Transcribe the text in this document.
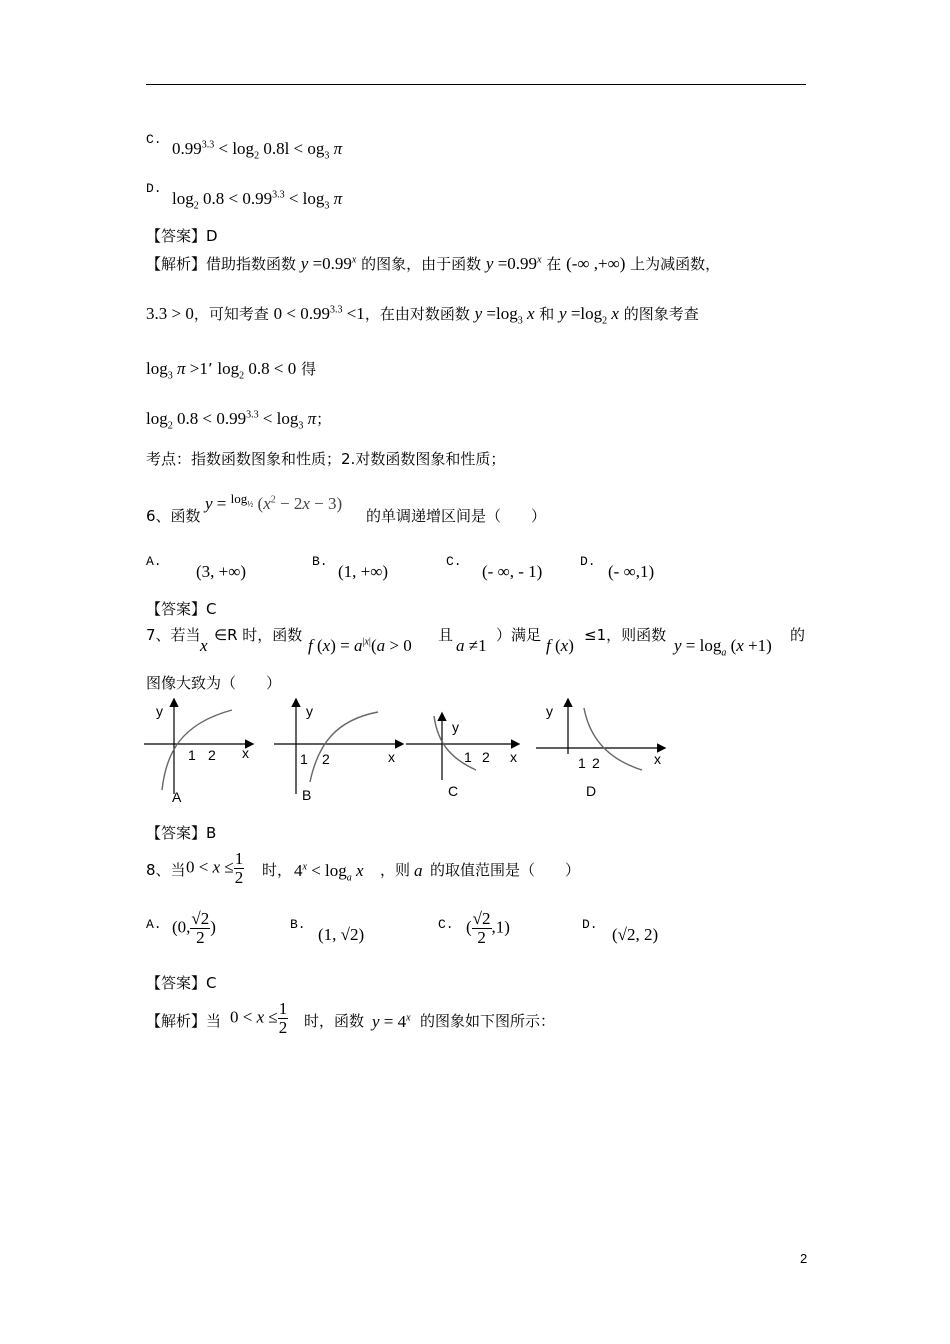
C. $0.99^{3.3} < \log_2 0.8l < og_3$ π
D.
$\log_2 0.8 < 0.99^{3.3} < \log_3 \pi$
【答案】D
【解析】借助指数函数 $y =0.99^x$ 的图象，由于函数 $y =0.99^x$ 在 (-∞ ,+∞) 上为减函数，
3.3 > 0，可知考查 $0 < 0.99^{3.3} <1$，在由对数函数 $y =\log_3$ x 和 $y =\log_2$ x 的图象考查
$\log_3 \pi >1$’ $\log_2 0.8 < 0$ 得
$\log_2 0.8 < 0.99^{3.3} < \log_3 \pi$；
考点：指数函数图象和性质；2.对数函数图象和性质；
6、函数
y = $^{log_{\frac{1}{2}}}$ $(x^2 - 2x - 3)$
的单调递增区间是（　　）
A.
(3, +∞)
B.
(1, +∞)
C.
(- ∞, - 1)
D.
(- ∞,1)
【答案】C
7、若当
x
∈R 时，函数
f $(x) = a^{|x|}(a > 0$
且
a ≠1
）满足
f (x)
≤1，则函数
$y = \log_a (x +1)$
的
图像大致为（　　）
y
x
1 2
A
y
x
1 2
B
y
x
1 2
C
y
x
1 2
D
【答案】B
8、当 $0 < x \le \frac{1}{2}$ 时， $4^x < \log_a x$ ，则 a 的取值范围是（　　）
A. (0, $\frac{√2}{2}$ )	B.
(1, √2)
C. ( $\frac{√2}{2} ,1$)	D.
(√2, 2)
【答案】C
【解析】当 $0 < x \le \frac{1}{2}$ 时，函数 $y = 4^x$ 的图象如下图所示：
2
